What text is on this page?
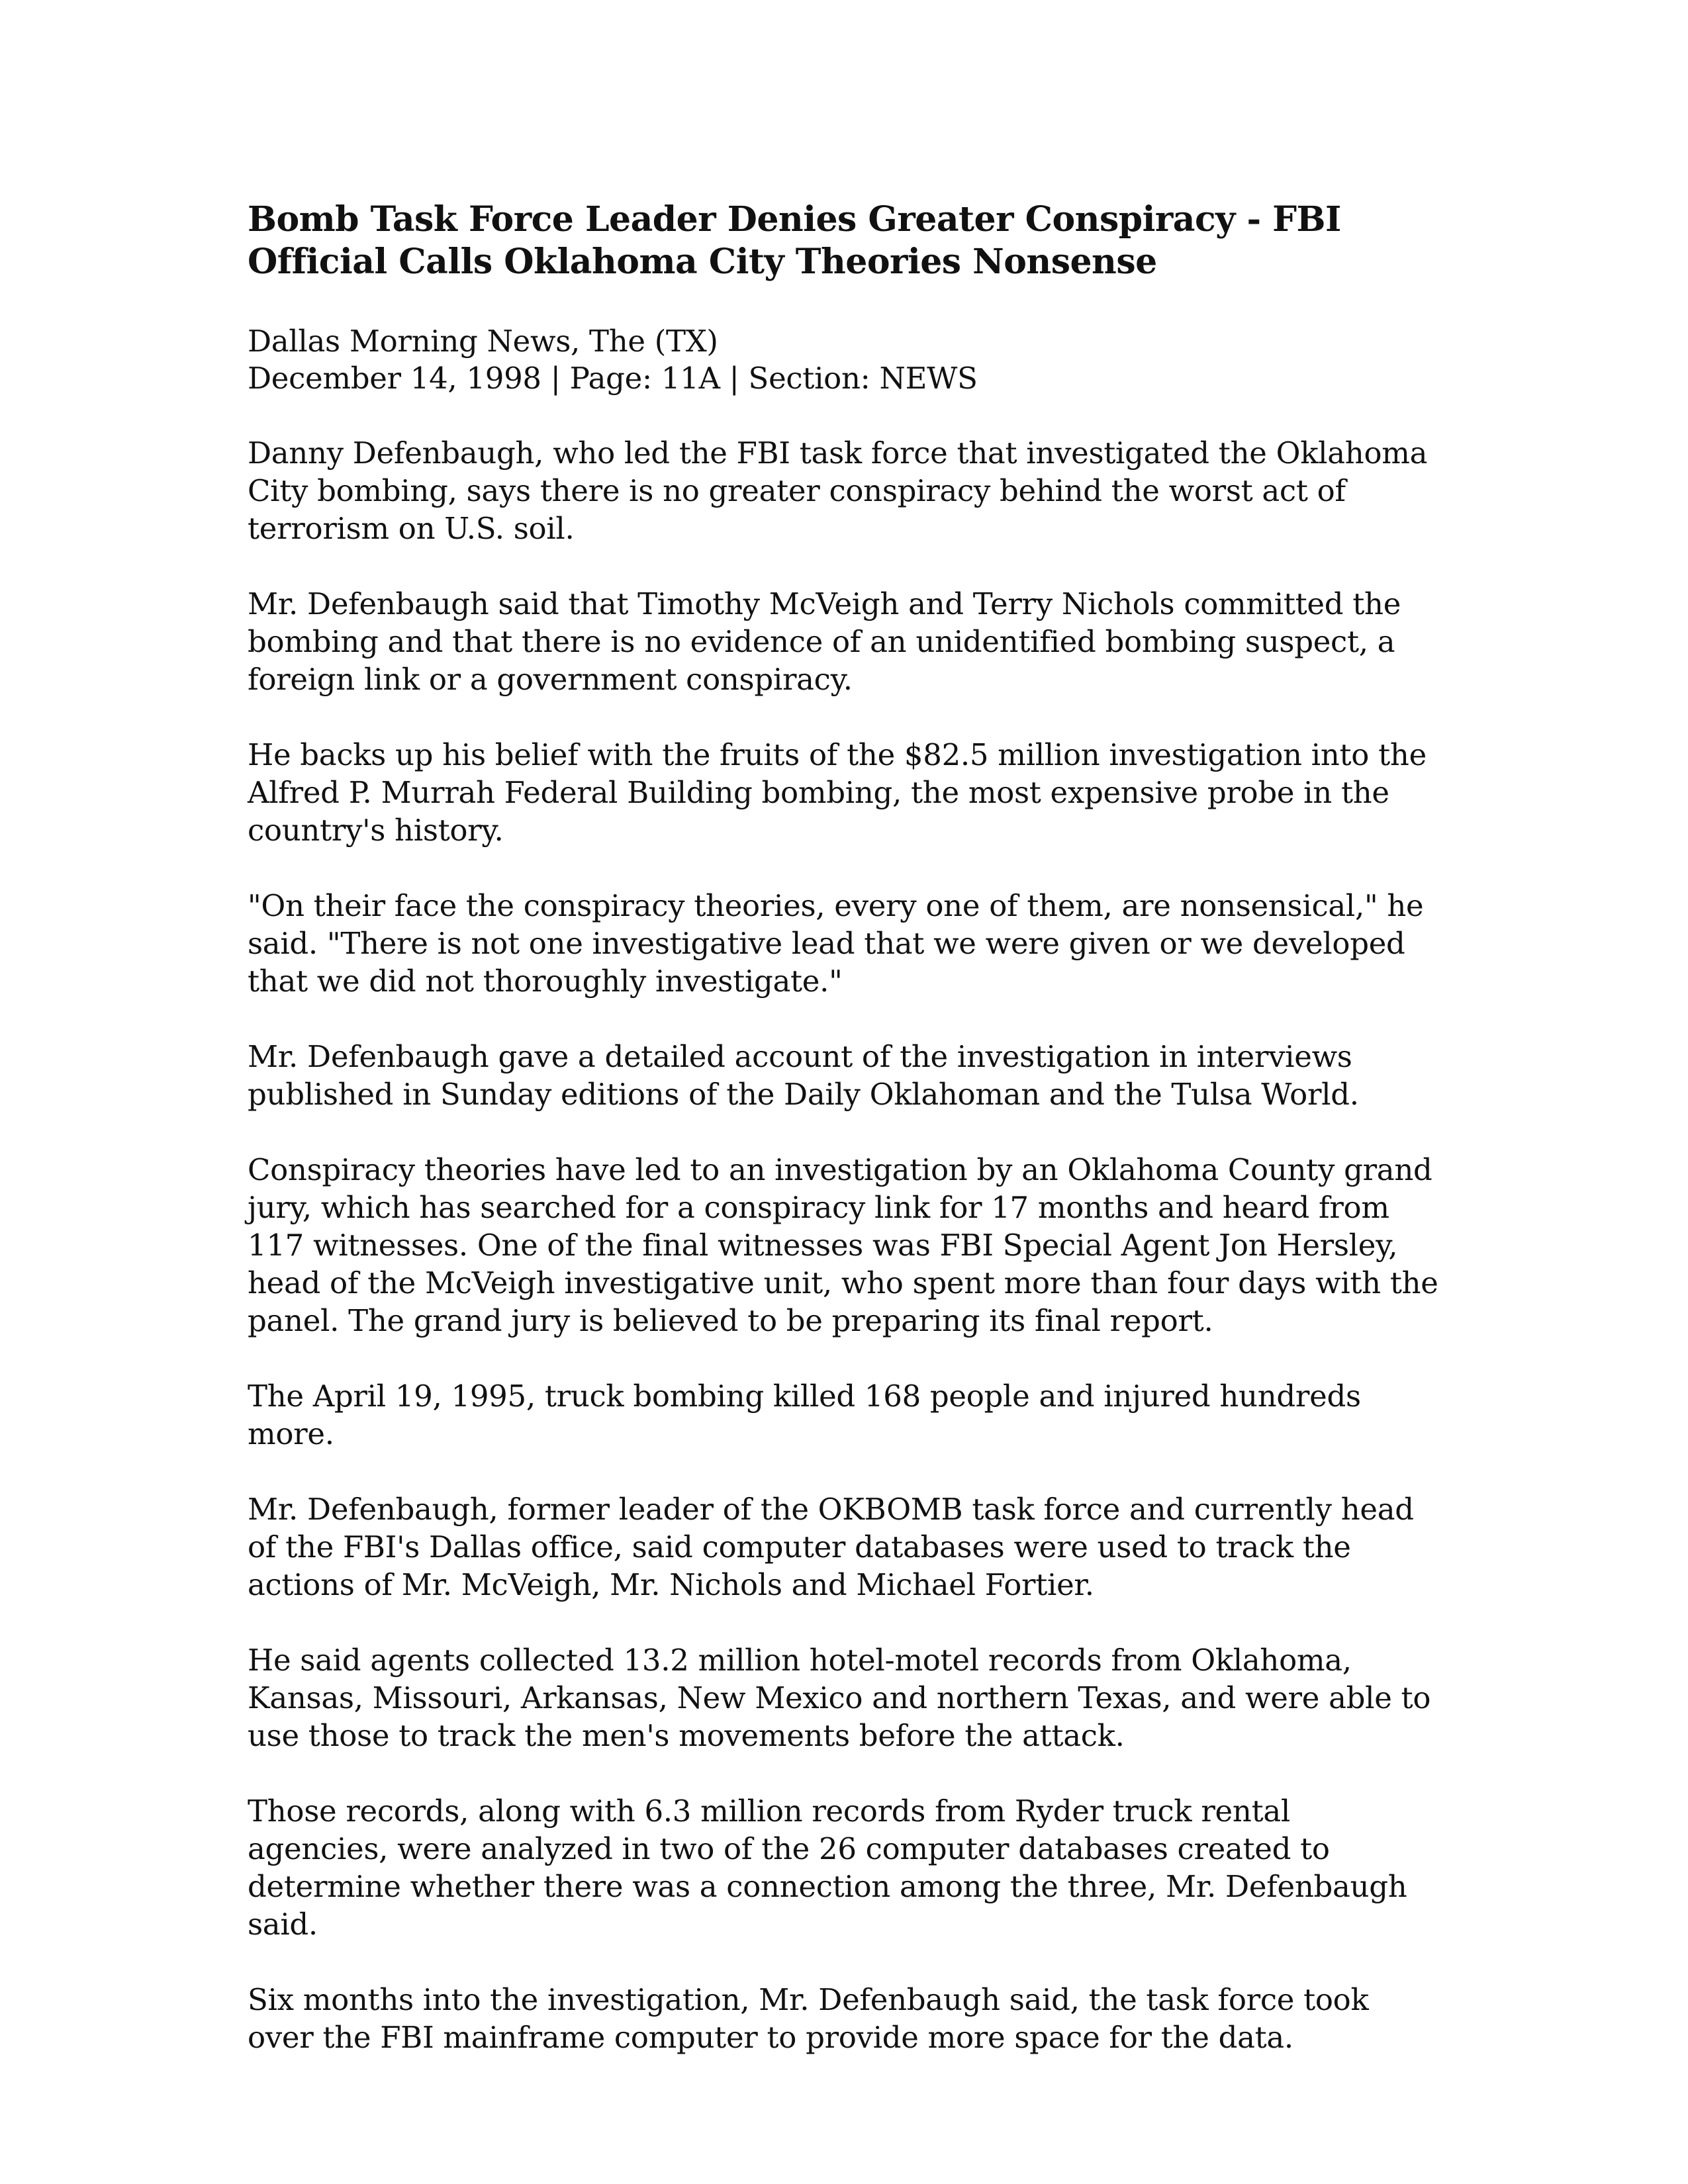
Bomb Task Force Leader Denies Greater Conspiracy - FBI Official Calls Oklahoma City Theories Nonsense
Dallas Morning News, The (TX)
December 14, 1998 | Page: 11A | Section: NEWS

Danny Defenbaugh, who led the FBI task force that investigated the Oklahoma City bombing, says there is no greater conspiracy behind the worst act of terrorism on U.S. soil.

Mr. Defenbaugh said that Timothy McVeigh and Terry Nichols committed the bombing and that there is no evidence of an unidentified bombing suspect, a foreign link or a government conspiracy.

He backs up his belief with the fruits of the $82.5 million investigation into the Alfred P. Murrah Federal Building bombing, the most expensive probe in the country's history.

"On their face the conspiracy theories, every one of them, are nonsensical," he said. "There is not one investigative lead that we were given or we developed that we did not thoroughly investigate."

Mr. Defenbaugh gave a detailed account of the investigation in interviews published in Sunday editions of the Daily Oklahoman and the Tulsa World.

Conspiracy theories have led to an investigation by an Oklahoma County grand jury, which has searched for a conspiracy link for 17 months and heard from 117 witnesses. One of the final witnesses was FBI Special Agent Jon Hersley, head of the McVeigh investigative unit, who spent more than four days with the panel. The grand jury is believed to be preparing its final report.

The April 19, 1995, truck bombing killed 168 people and injured hundreds more.

Mr. Defenbaugh, former leader of the OKBOMB task force and currently head of the FBI's Dallas office, said computer databases were used to track the actions of Mr. McVeigh, Mr. Nichols and Michael Fortier.

He said agents collected 13.2 million hotel-motel records from Oklahoma, Kansas, Missouri, Arkansas, New Mexico and northern Texas, and were able to use those to track the men's movements before the attack.

Those records, along with 6.3 million records from Ryder truck rental agencies, were analyzed in two of the 26 computer databases created to determine whether there was a connection among the three, Mr. Defenbaugh said.

Six months into the investigation, Mr. Defenbaugh said, the task force took over the FBI mainframe computer to provide more space for the data.
